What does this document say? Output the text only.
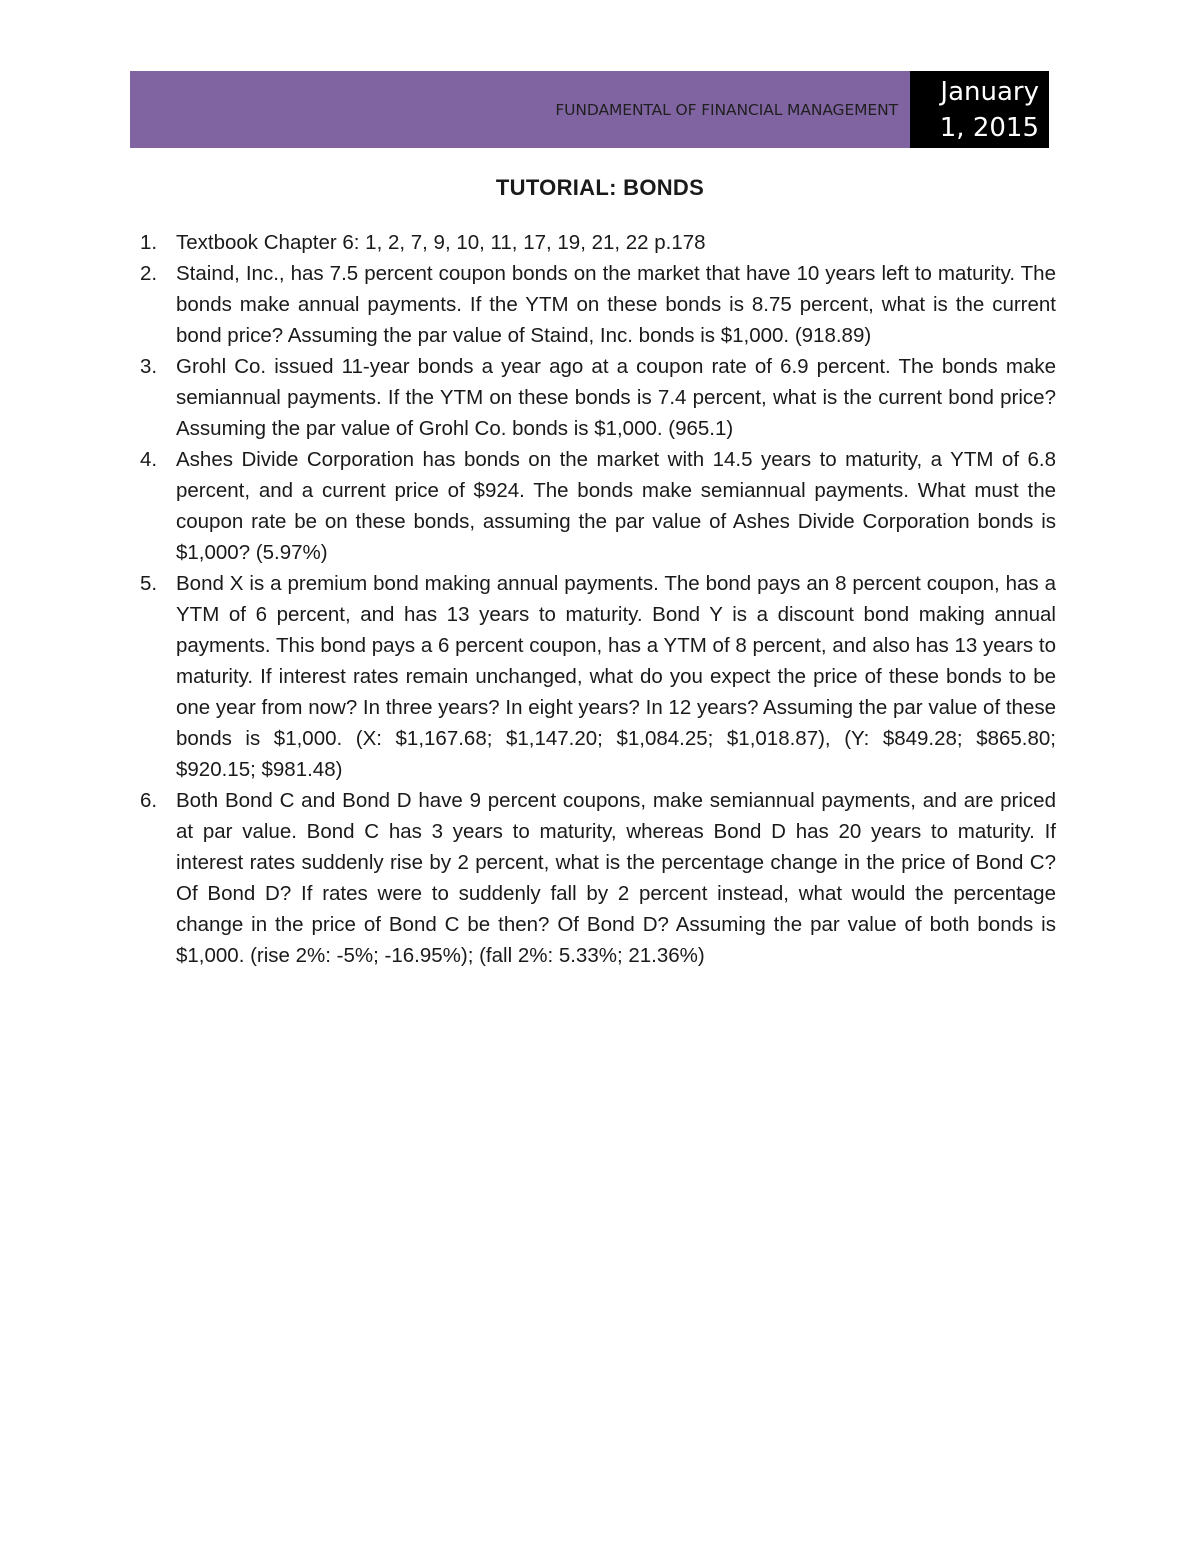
FUNDAMENTAL OF FINANCIAL MANAGEMENT
January
1, 2015
TUTORIAL: BONDS
1. Textbook Chapter 6: 1, 2, 7, 9, 10, 11, 17, 19, 21, 22 p.178
2. Staind, Inc., has 7.5 percent coupon bonds on the market that have 10 years left to maturity. The bonds make annual payments. If the YTM on these bonds is 8.75 percent, what is the current bond price? Assuming the par value of Staind, Inc. bonds is $1,000. (918.89)
3. Grohl Co. issued 11-year bonds a year ago at a coupon rate of 6.9 percent. The bonds make semiannual payments. If the YTM on these bonds is 7.4 percent, what is the current bond price? Assuming the par value of Grohl Co. bonds is $1,000. (965.1)
4. Ashes Divide Corporation has bonds on the market with 14.5 years to maturity, a YTM of 6.8 percent, and a current price of $924. The bonds make semiannual payments. What must the coupon rate be on these bonds, assuming the par value of Ashes Divide Corporation bonds is $1,000? (5.97%)
5. Bond X is a premium bond making annual payments. The bond pays an 8 percent coupon, has a YTM of 6 percent, and has 13 years to maturity. Bond Y is a discount bond making annual payments. This bond pays a 6 percent coupon, has a YTM of 8 percent, and also has 13 years to maturity. If interest rates remain unchanged, what do you expect the price of these bonds to be one year from now? In three years? In eight years? In 12 years? Assuming the par value of these bonds is $1,000. (X: $1,167.68; $1,147.20; $1,084.25; $1,018.87), (Y: $849.28; $865.80; $920.15; $981.48)
6. Both Bond C and Bond D have 9 percent coupons, make semiannual payments, and are priced at par value. Bond C has 3 years to maturity, whereas Bond D has 20 years to maturity. If interest rates suddenly rise by 2 percent, what is the percentage change in the price of Bond C? Of Bond D? If rates were to suddenly fall by 2 percent instead, what would the percentage change in the price of Bond C be then? Of Bond D? Assuming the par value of both bonds is $1,000. (rise 2%: -5%; -16.95%); (fall 2%: 5.33%; 21.36%)
